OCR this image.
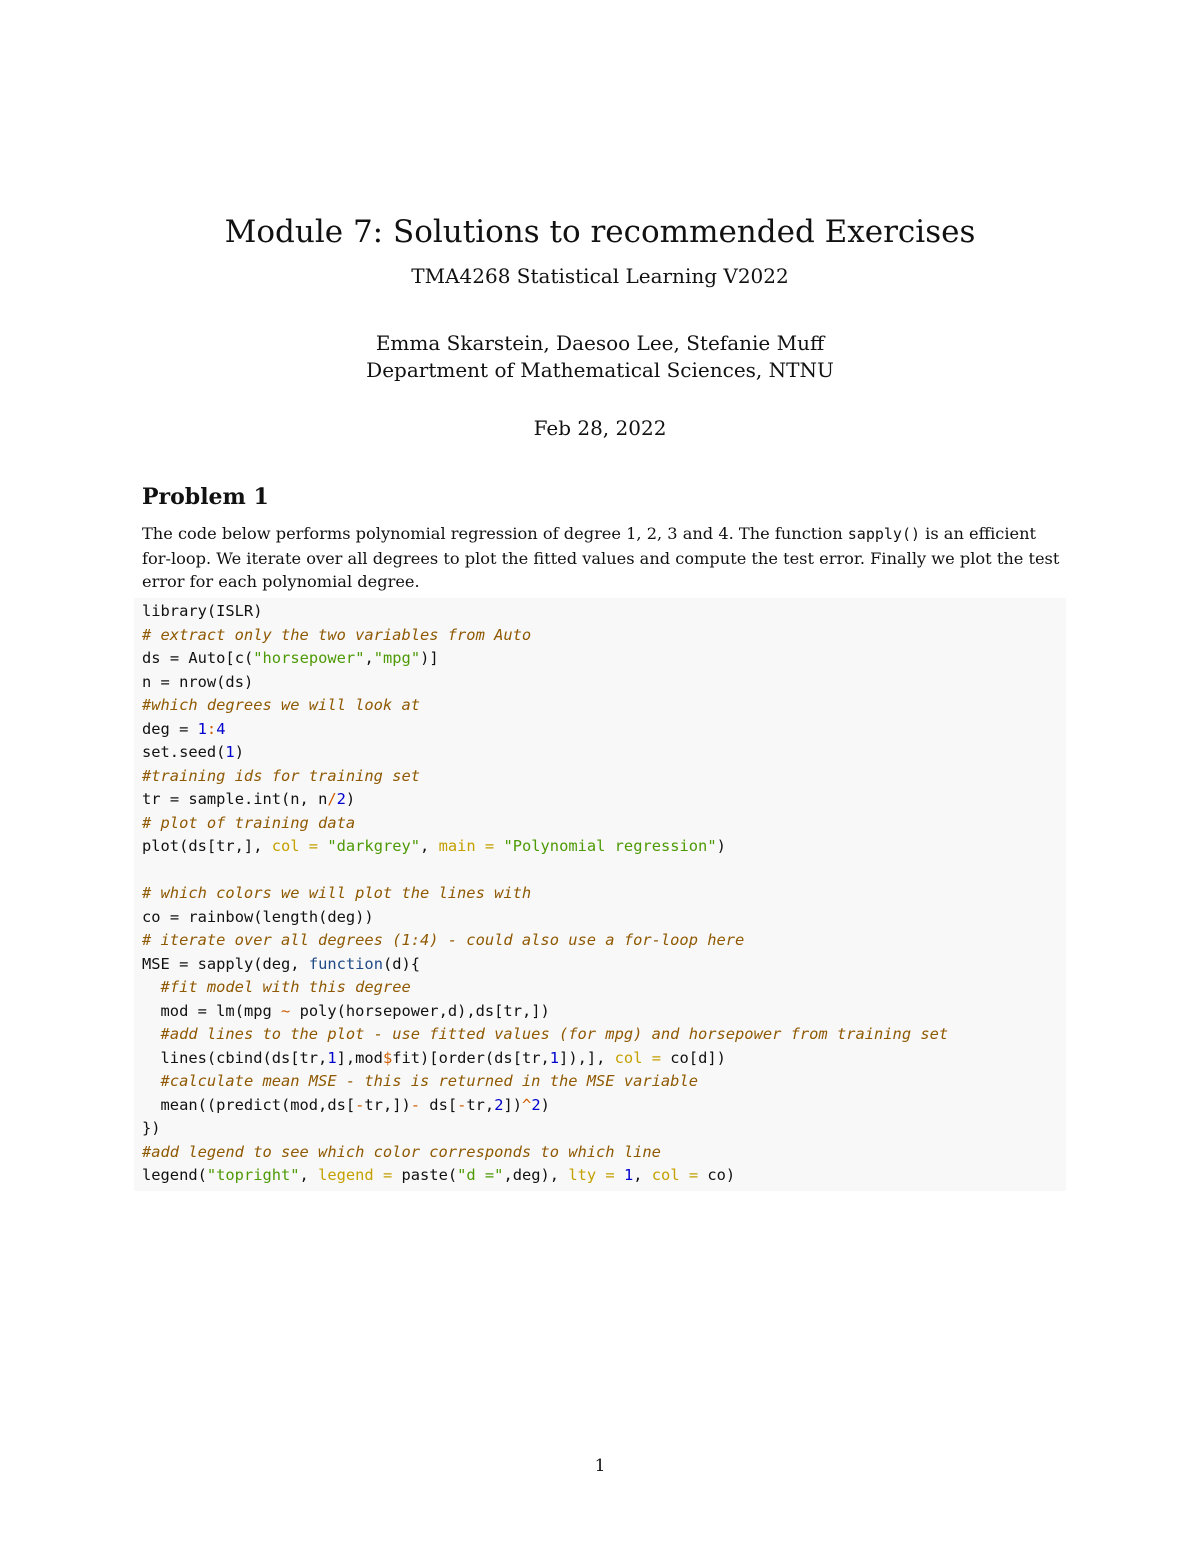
Module 7: Solutions to recommended Exercises
TMA4268 Statistical Learning V2022
Emma Skarstein, Daesoo Lee, Stefanie Muff
Department of Mathematical Sciences, NTNU
Feb 28, 2022
Problem 1

The code below performs polynomial regression of degree 1, 2, 3 and 4. The function sapply() is an efficient for-loop. We iterate over all degrees to plot the fitted values and compute the test error. Finally we plot the test error for each polynomial degree.

library(ISLR)
# extract only the two variables from Auto
ds = Auto[c("horsepower","mpg")]
n = nrow(ds)
#which degrees we will look at
deg = 1:4
set.seed(1)
#training ids for training set
tr = sample.int(n, n/2)
# plot of training data
plot(ds[tr,], col = "darkgrey", main = "Polynomial regression")
# which colors we will plot the lines with
co = rainbow(length(deg))
# iterate over all degrees (1:4) - could also use a for-loop here
MSE = sapply(deg, function(d){
#fit model with this degree
mod = lm(mpg ~ poly(horsepower,d),ds[tr,])
#add lines to the plot - use fitted values (for mpg) and horsepower from training set
lines(cbind(ds[tr,1],mod$fit)[order(ds[tr,1]),], col = co[d])
#calculate mean MSE - this is returned in the MSE variable
mean((predict(mod,ds[-tr,])- ds[-tr,2])^2)
})
#add legend to see which color corresponds to which line
legend("topright", legend = paste("d =",deg), lty = 1, col = co)
1
